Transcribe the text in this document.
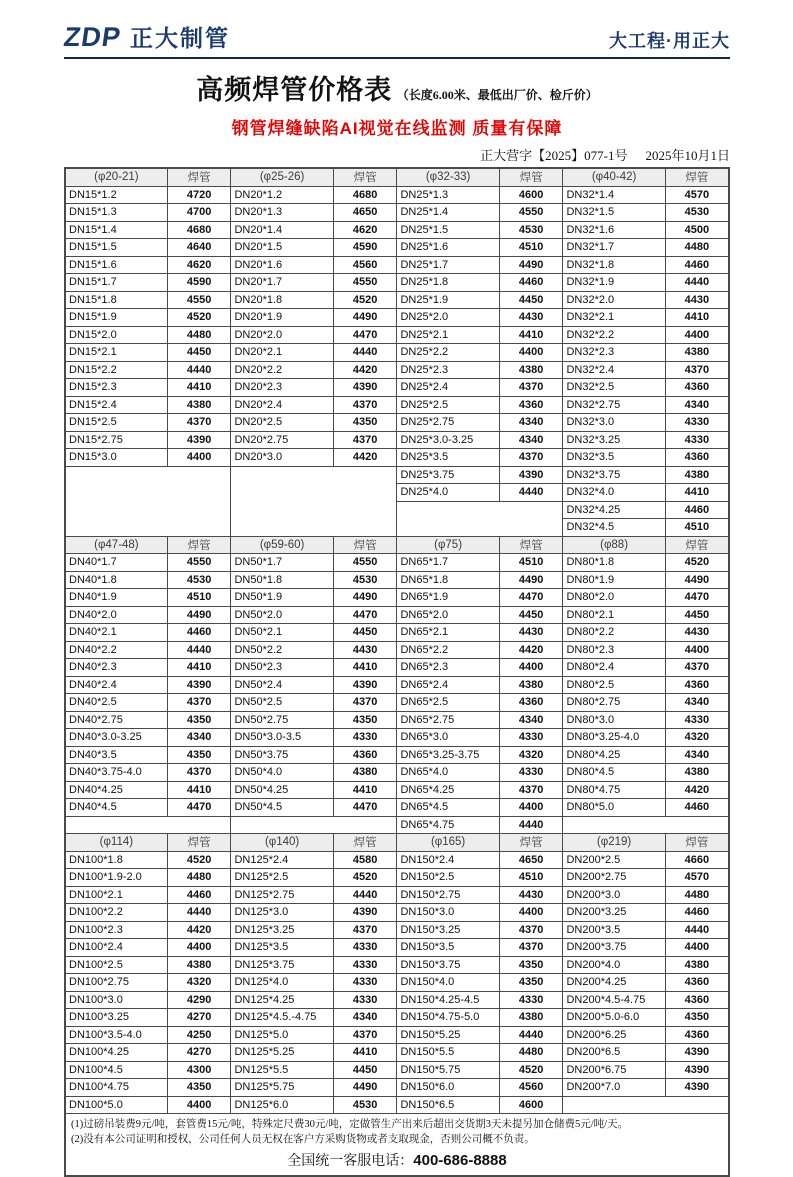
ZDP 正大制管	大工程·用正大
高频焊管价格表 （长度6.00米、最低出厂价、检斤价）
钢管焊缝缺陷AI视觉在线监测 质量有保障
正大营字【2025】077-1号 2025年10月1日
(φ20-21)	焊管	(φ25-26)	焊管	(φ32-33)	焊管	(φ40-42)	焊管
DN15*1.2	4720	DN20*1.2	4680	DN25*1.3	4600	DN32*1.4	4570
DN15*1.3	4700	DN20*1.3	4650	DN25*1.4	4550	DN32*1.5	4530
DN15*1.4	4680	DN20*1.4	4620	DN25*1.5	4530	DN32*1.6	4500
DN15*1.5	4640	DN20*1.5	4590	DN25*1.6	4510	DN32*1.7	4480
DN15*1.6	4620	DN20*1.6	4560	DN25*1.7	4490	DN32*1.8	4460
DN15*1.7	4590	DN20*1.7	4550	DN25*1.8	4460	DN32*1.9	4440
DN15*1.8	4550	DN20*1.8	4520	DN25*1.9	4450	DN32*2.0	4430
DN15*1.9	4520	DN20*1.9	4490	DN25*2.0	4430	DN32*2.1	4410
DN15*2.0	4480	DN20*2.0	4470	DN25*2.1	4410	DN32*2.2	4400
DN15*2.1	4450	DN20*2.1	4440	DN25*2.2	4400	DN32*2.3	4380
DN15*2.2	4440	DN20*2.2	4420	DN25*2.3	4380	DN32*2.4	4370
DN15*2.3	4410	DN20*2.3	4390	DN25*2.4	4370	DN32*2.5	4360
DN15*2.4	4380	DN20*2.4	4370	DN25*2.5	4360	DN32*2.75	4340
DN15*2.5	4370	DN20*2.5	4350	DN25*2.75	4340	DN32*3.0	4330
DN15*2.75	4390	DN20*2.75	4370	DN25*3.0-3.25	4340	DN32*3.25	4330
DN15*3.0	4400	DN20*3.0	4420	DN25*3.5	4370	DN32*3.5	4360
				DN25*3.75	4390	DN32*3.75	4380
				DN25*4.0	4440	DN32*4.0	4410
						DN32*4.25	4460
						DN32*4.5	4510
(φ47-48)	焊管	(φ59-60)	焊管	(φ75)	焊管	(φ88)	焊管
DN40*1.7	4550	DN50*1.7	4550	DN65*1.7	4510	DN80*1.8	4520
DN40*1.8	4530	DN50*1.8	4530	DN65*1.8	4490	DN80*1.9	4490
DN40*1.9	4510	DN50*1.9	4490	DN65*1.9	4470	DN80*2.0	4470
DN40*2.0	4490	DN50*2.0	4470	DN65*2.0	4450	DN80*2.1	4450
DN40*2.1	4460	DN50*2.1	4450	DN65*2.1	4430	DN80*2.2	4430
DN40*2.2	4440	DN50*2.2	4430	DN65*2.2	4420	DN80*2.3	4400
DN40*2.3	4410	DN50*2.3	4410	DN65*2.3	4400	DN80*2.4	4370
DN40*2.4	4390	DN50*2.4	4390	DN65*2.4	4380	DN80*2.5	4360
DN40*2.5	4370	DN50*2.5	4370	DN65*2.5	4360	DN80*2.75	4340
DN40*2.75	4350	DN50*2.75	4350	DN65*2.75	4340	DN80*3.0	4330
DN40*3.0-3.25	4340	DN50*3.0-3.5	4330	DN65*3.0	4330	DN80*3.25-4.0	4320
DN40*3.5	4350	DN50*3.75	4360	DN65*3.25-3.75	4320	DN80*4.25	4340
DN40*3.75-4.0	4370	DN50*4.0	4380	DN65*4.0	4330	DN80*4.5	4380
DN40*4.25	4410	DN50*4.25	4410	DN65*4.25	4370	DN80*4.75	4420
DN40*4.5	4470	DN50*4.5	4470	DN65*4.5	4400	DN80*5.0	4460
				DN65*4.75	4440		
(φ114)	焊管	(φ140)	焊管	(φ165)	焊管	(φ219)	焊管
DN100*1.8	4520	DN125*2.4	4580	DN150*2.4	4650	DN200*2.5	4660
DN100*1.9-2.0	4480	DN125*2.5	4520	DN150*2.5	4510	DN200*2.75	4570
DN100*2.1	4460	DN125*2.75	4440	DN150*2.75	4430	DN200*3.0	4480
DN100*2.2	4440	DN125*3.0	4390	DN150*3.0	4400	DN200*3.25	4460
DN100*2.3	4420	DN125*3.25	4370	DN150*3.25	4370	DN200*3.5	4440
DN100*2.4	4400	DN125*3.5	4330	DN150*3.5	4370	DN200*3.75	4400
DN100*2.5	4380	DN125*3.75	4330	DN150*3.75	4350	DN200*4.0	4380
DN100*2.75	4320	DN125*4.0	4330	DN150*4.0	4350	DN200*4.25	4360
DN100*3.0	4290	DN125*4.25	4330	DN150*4.25-4.5	4330	DN200*4.5-4.75	4360
DN100*3.25	4270	DN125*4.5.-4.75	4340	DN150*4.75-5.0	4380	DN200*5.0-6.0	4350
DN100*3.5-4.0	4250	DN125*5.0	4370	DN150*5.25	4440	DN200*6.25	4360
DN100*4.25	4270	DN125*5.25	4410	DN150*5.5	4480	DN200*6.5	4390
DN100*4.5	4300	DN125*5.5	4450	DN150*5.75	4520	DN200*6.75	4390
DN100*4.75	4350	DN125*5.75	4490	DN150*6.0	4560	DN200*7.0	4390
DN100*5.0	4400	DN125*6.0	4530	DN150*6.5	4600		

(1)过磅吊装费9元/吨，套管费15元/吨，特殊定尺费30元/吨，定做管生产出来后超出交货期3天未提另加仓储费5元/吨/天。
(2)没有本公司证明和授权，公司任何人员无权在客户方采购货物或者支取现金，否则公司概不负责。
全国统一客服电话：400-686-8888							
